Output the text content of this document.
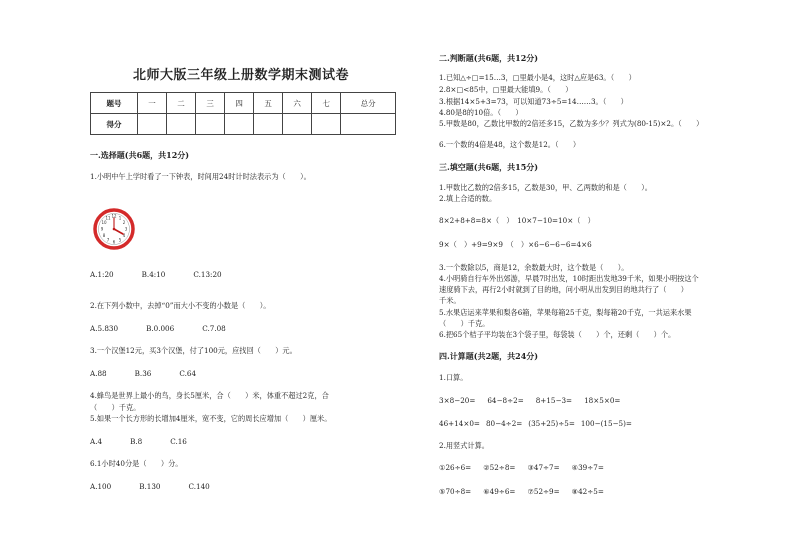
北师大版三年级上册数学期末测试卷
题号	一	二	三	四	五	六	七	总分
得分								
一.选择题(共6题，共12分)
1.小明中午上学时看了一下钟表，时间用24时计时法表示为（　　）。
12 1
2
3
4
5
6
7
8
9
10
11
A.1:20	B.4:10	C.13:20
2.在下列小数中，去掉“0”而大小不变的小数是（　　）。
A.5.830	B.0.006	C.7.08
3.一个汉堡12元，买3个汉堡，付了100元，应找回（　　）元。
A.88	B.36	C.64
4.蜂鸟是世界上最小的鸟，身长5厘米，合（　　）米，体重不超过2克，合
（　　）千克。
5.如果一个长方形的长增加4厘米，宽不变，它的周长应增加（　　）厘米。
A.4	B.8	C.16
6.1小时40分是（　　）分。
A.100	B.130	C.140
二.判断题(共6题，共12分)
1.已知△÷□=15…3，□里最小是4，这时△应是63。（　　）
2.8×□<85中，□里最大能填9。（　　）
3.根据14×5+3=73，可以知道73÷5=14……3。（　　）
4.80是8的10倍。（　　）
5.甲数是80，乙数比甲数的2倍还多15，乙数为多少？列式为(80-15)×2。（　　）
6.一个数的4倍是48，这个数是12。（　　）
三.填空题(共6题，共15分)
1.甲数比乙数的2倍多15，乙数是30，甲、乙两数的和是（　　）。
2.填上合适的数。
8×2+8+8=8×（　）　10×7−10=10×（　）
9×（　）+9=9×9　（　）×6−6−6−6=4×6
3.一个数除以5，商是12，余数最大时，这个数是（　　）。
4.小明骑自行车外出郊游，早晨7时出发，10时距出发地39千米，如果小明按这个
速度骑下去，再行2小时就到了目的地，问小明从出发到目的地共行了（　　）
千米。
5.水果店运来苹果和梨各6箱，苹果每箱25千克，梨每箱20千克，一共运来水果
（　　）千克。
6.把65个桔子平均装在3个袋子里，每袋装（　　）个，还剩（　　）个。
四.计算题(共2题，共24分)
1.口算。
3×8−20= 64−8÷2= 8+15−3= 18×5×0=
46+14×0= 80−4÷2= (35+25)÷5= 100−(15−5)=
2.用竖式计算。
①26÷6= ②52÷8= ③47÷7= ④39÷7=
⑤70÷8= ⑥49÷6= ⑦52÷9= ⑧42÷5=
